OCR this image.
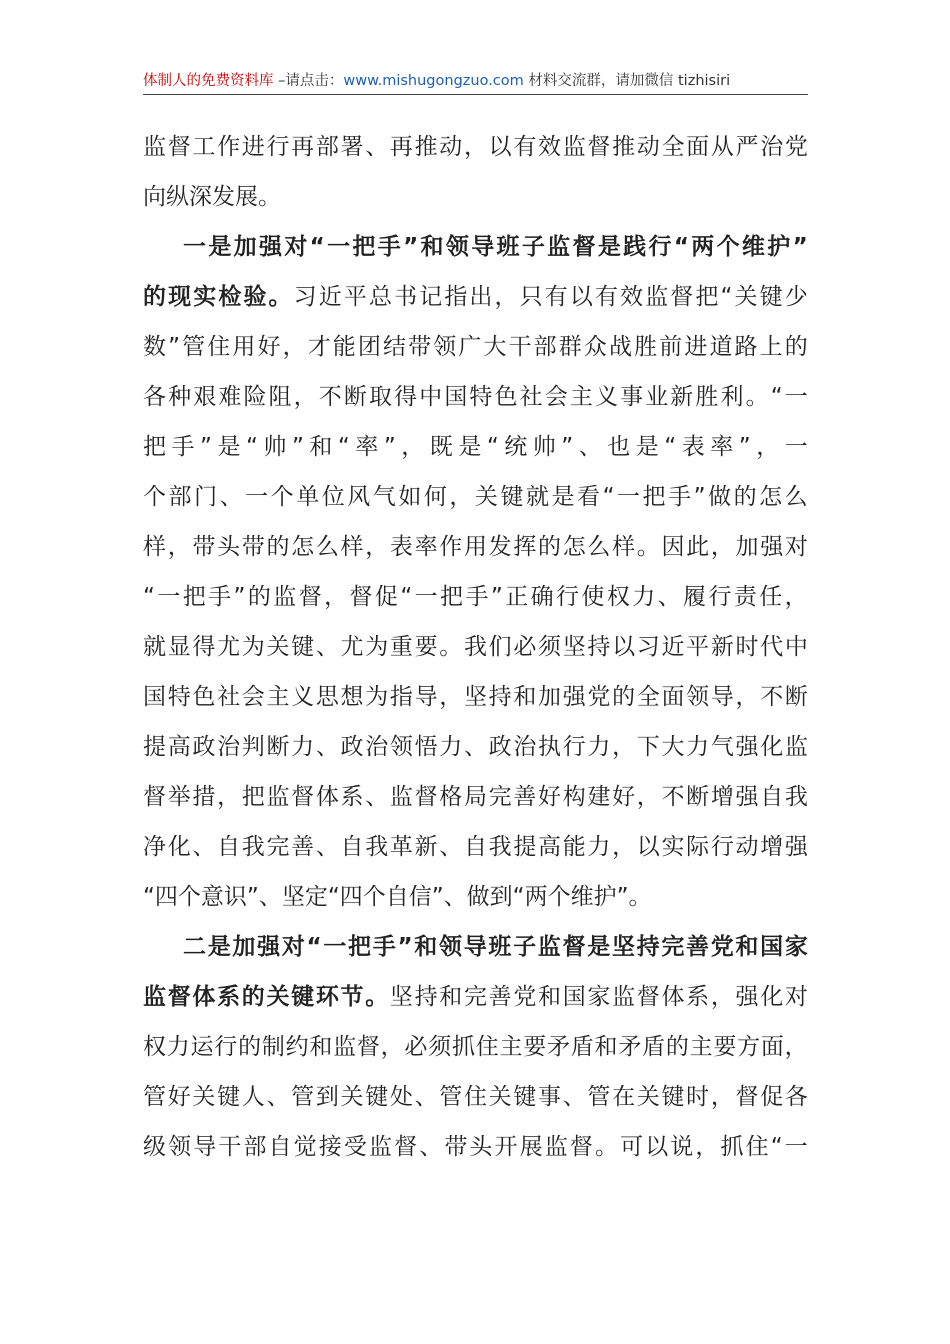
体制人的免费资料库 –请点击：www.mishugongzuo.com 材料交流群，请加微信 tizhisiri
监 督 工 作 进 行 再 部 署 、 再 推 动 ， 以 有 效 监 督 推 动 全 面 从 严 治 党
向纵深发展。
一 是 加 强 对 “ 一 把 手 ” 和 领 导 班 子 监 督 是 践 行 “ 两 个 维 护 ”
的 现 实 检 验 。 习 近 平 总 书 记 指 出 ， 只 有 以 有 效 监 督 把 “ 关 键 少
数 ” 管 住 用 好 ， 才 能 团 结 带 领 广 大 干 部 群 众 战 胜 前 进 道 路 上 的
各 种 艰 难 险 阻 ， 不 断 取 得 中 国 特 色 社 会 主 义 事 业 新 胜 利 。 “ 一
把 手 ” 是 “ 帅 ” 和 “ 率 ” ， 既 是 “ 统 帅 ” 、 也 是 “ 表 率 ” ， 一
个 部 门 、 一 个 单 位 风 气 如 何 ， 关 键 就 是 看 “ 一 把 手 ” 做 的 怎 么
样 ， 带 头 带 的 怎 么 样 ， 表 率 作 用 发 挥 的 怎 么 样 。 因 此 ， 加 强 对
“ 一 把 手 ” 的 监 督 ， 督 促 “ 一 把 手 ” 正 确 行 使 权 力 、 履 行 责 任 ，
就 显 得 尤 为 关 键 、 尤 为 重 要 。 我 们 必 须 坚 持 以 习 近 平 新 时 代 中
国 特 色 社 会 主 义 思 想 为 指 导 ， 坚 持 和 加 强 党 的 全 面 领 导 ， 不 断
提 高 政 治 判 断 力 、 政 治 领 悟 力 、 政 治 执 行 力 ， 下 大 力 气 强 化 监
督 举 措 ， 把 监 督 体 系 、 监 督 格 局 完 善 好 构 建 好 ， 不 断 增 强 自 我
净 化 、 自 我 完 善 、 自 我 革 新 、 自 我 提 高 能 力 ， 以 实 际 行 动 增 强
“四个意识”、坚定“四个自信”、做到“两个维护”。
二 是 加 强 对 “ 一 把 手 ” 和 领 导 班 子 监 督 是 坚 持 完 善 党 和 国 家
监 督 体 系 的 关 键 环 节 。 坚 持 和 完 善 党 和 国 家 监 督 体 系 ， 强 化 对
权 力 运 行 的 制 约 和 监 督 ， 必 须 抓 住 主 要 矛 盾 和 矛 盾 的 主 要 方 面 ，
管 好 关 键 人 、 管 到 关 键 处 、 管 住 关 键 事 、 管 在 关 键 时 ， 督 促 各
级 领 导 干 部 自 觉 接 受 监 督 、 带 头 开 展 监 督 。 可 以 说 ， 抓 住 “ 一
